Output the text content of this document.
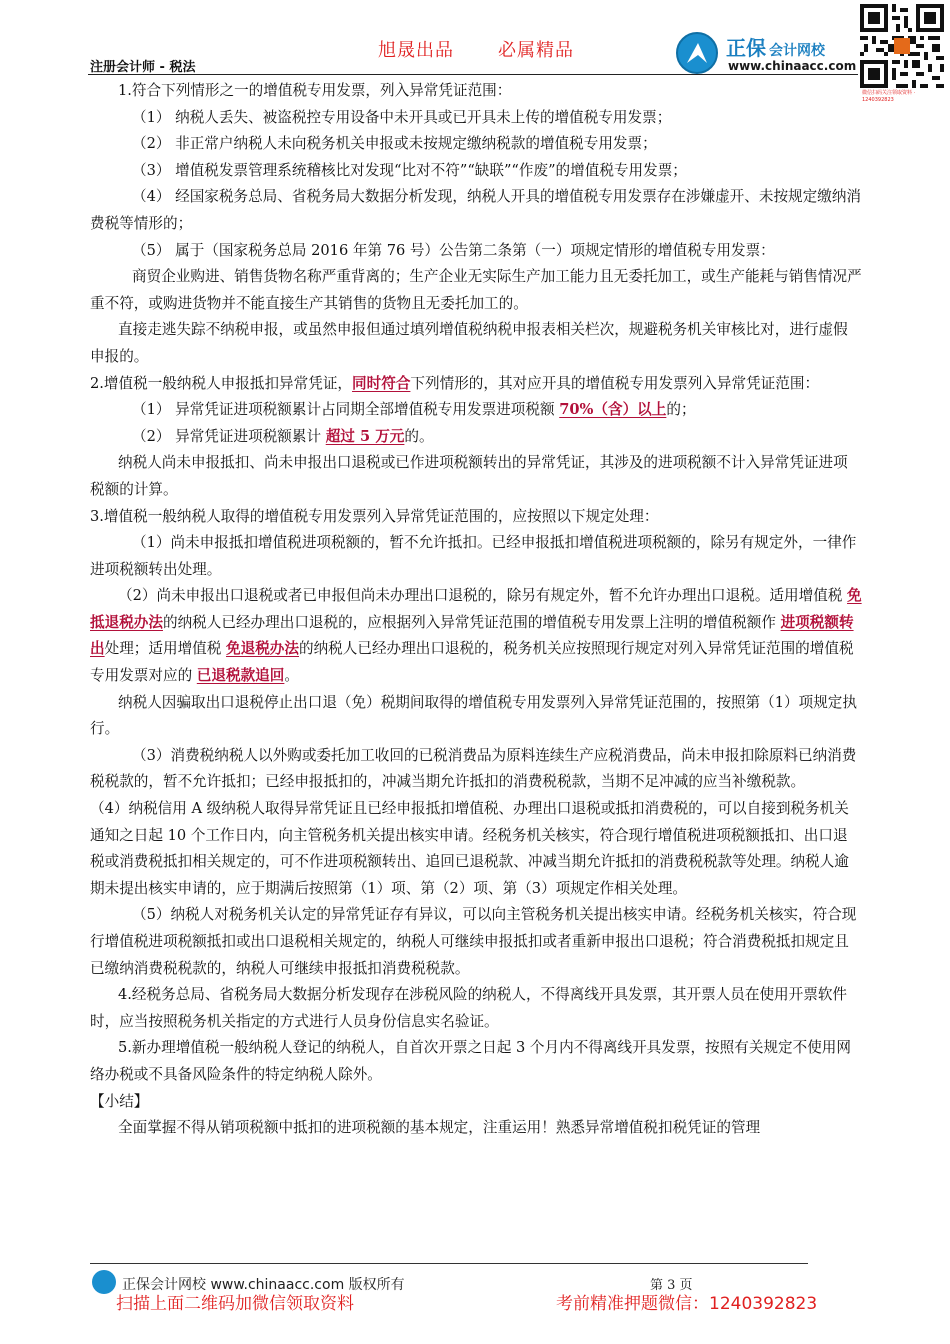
旭晟出品 必属精品
注册会计师 - 税法
正保 会计网校
www.chinaacc.com
微信扫码关注领取资料 · 1240392823

1.符合下列情形之一的增值税专用发票，列入异常凭证范围：

（1） 纳税人丢失、被盗税控专用设备中未开具或已开具未上传的增值税专用发票；

（2） 非正常户纳税人未向税务机关申报或未按规定缴纳税款的增值税专用发票；

（3） 增值税发票管理系统稽核比对发现“比对不符”“缺联”“作废”的增值税专用发票；

（4） 经国家税务总局、省税务局大数据分析发现，纳税人开具的增值税专用发票存在涉嫌虚开、未按规定缴纳消费税等情形的；

（5） 属于（国家税务总局 2016 年第 76 号）公告第二条第（一）项规定情形的增值税专用发票：

商贸企业购进、销售货物名称严重背离的；生产企业无实际生产加工能力且无委托加工，或生产能耗与销售情况严重不符，或购进货物并不能直接生产其销售的货物且无委托加工的。

直接走逃失踪不纳税申报，或虽然申报但通过填列增值税纳税申报表相关栏次，规避税务机关审核比对，进行虚假申报的。

2.增值税一般纳税人申报抵扣异常凭证，同时符合下列情形的，其对应开具的增值税专用发票列入异常凭证范围：

（1） 异常凭证进项税额累计占同期全部增值税专用发票进项税额 70%（含）以上的；

（2） 异常凭证进项税额累计 超过 5 万元的。

纳税人尚未申报抵扣、尚未申报出口退税或已作进项税额转出的异常凭证，其涉及的进项税额不计入异常凭证进项税额的计算。

3.增值税一般纳税人取得的增值税专用发票列入异常凭证范围的，应按照以下规定处理：

（1）尚未申报抵扣增值税进项税额的，暂不允许抵扣。已经申报抵扣增值税进项税额的，除另有规定外，一律作进项税额转出处理。

（2）尚未申报出口退税或者已申报但尚未办理出口退税的，除另有规定外，暂不允许办理出口退税。适用增值税 免抵退税办法的纳税人已经办理出口退税的，应根据列入异常凭证范围的增值税专用发票上注明的增值税额作 进项税额转出处理；适用增值税 免退税办法的纳税人已经办理出口退税的，税务机关应按照现行规定对列入异常凭证范围的增值税专用发票对应的 已退税款追回。

纳税人因骗取出口退税停止出口退（免）税期间取得的增值税专用发票列入异常凭证范围的，按照第（1）项规定执行。

（3）消费税纳税人以外购或委托加工收回的已税消费品为原料连续生产应税消费品，尚未申报扣除原料已纳消费税税款的，暂不允许抵扣；已经申报抵扣的，冲减当期允许抵扣的消费税税款，当期不足冲减的应当补缴税款。

（4）纳税信用 A 级纳税人取得异常凭证且已经申报抵扣增值税、办理出口退税或抵扣消费税的，可以自接到税务机关通知之日起 10 个工作日内，向主管税务机关提出核实申请。经税务机关核实，符合现行增值税进项税额抵扣、出口退税或消费税抵扣相关规定的，可不作进项税额转出、追回已退税款、冲减当期允许抵扣的消费税税款等处理。纳税人逾期未提出核实申请的，应于期满后按照第（1）项、第（2）项、第（3）项规定作相关处理。

（5）纳税人对税务机关认定的异常凭证存有异议，可以向主管税务机关提出核实申请。经税务机关核实，符合现行增值税进项税额抵扣或出口退税相关规定的，纳税人可继续申报抵扣或者重新申报出口退税；符合消费税抵扣规定且已缴纳消费税税款的，纳税人可继续申报抵扣消费税税款。

4.经税务总局、省税务局大数据分析发现存在涉税风险的纳税人，不得离线开具发票，其开票人员在使用开票软件时，应当按照税务机关指定的方式进行人员身份信息实名验证。

5.新办理增值税一般纳税人登记的纳税人，自首次开票之日起 3 个月内不得离线开具发票，按照有关规定不使用网络办税或不具备风险条件的特定纳税人除外。

【小结】

全面掌握不得从销项税额中抵扣的进项税额的基本规定，注重运用！熟悉异常增值税扣税凭证的管理

正保会计网校 www.chinaacc.com 版权所有	第 3 页
扫描上面二维码加微信领取资料	考前精准押题微信：1240392823
